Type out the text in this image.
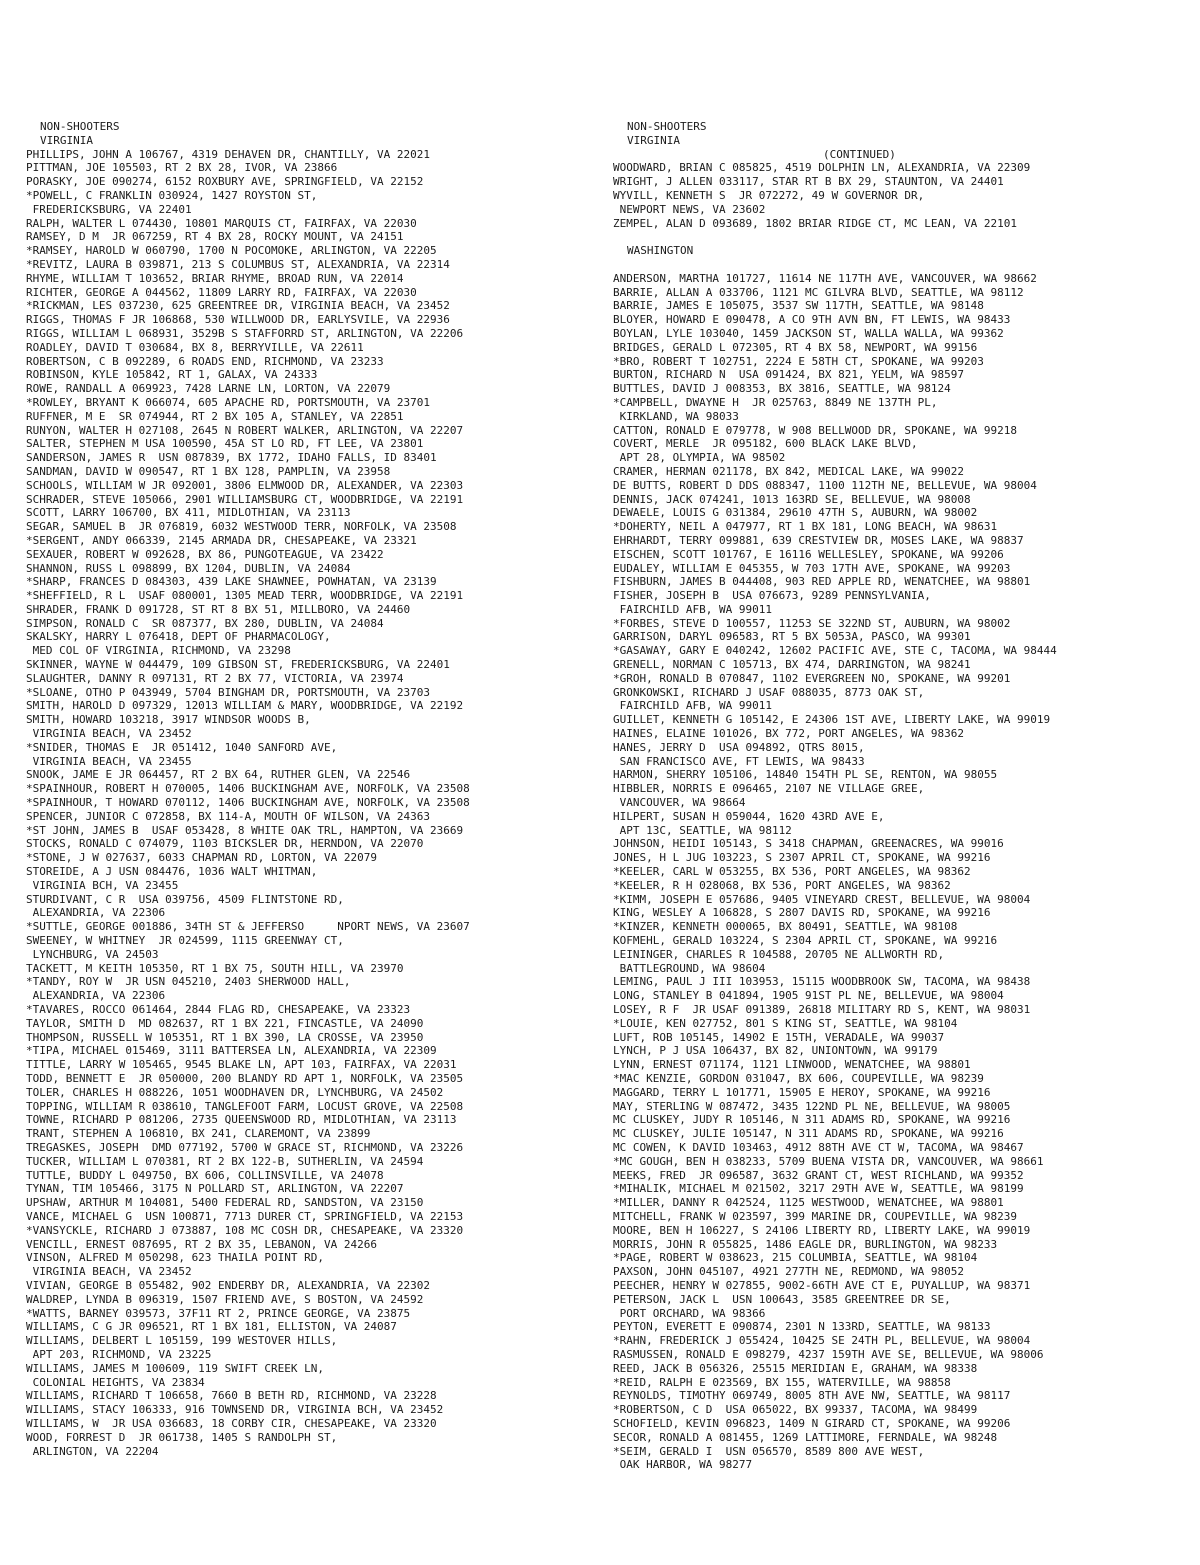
NON-SHOOTERS
VIRGINIA
PHILLIPS, JOHN A 106767, 4319 DEHAVEN DR, CHANTILLY, VA 22021
PITTMAN, JOE 105503, RT 2 BX 28, IVOR, VA 23866
PORASKY, JOE 090274, 6152 ROXBURY AVE, SPRINGFIELD, VA 22152
*POWELL, C FRANKLIN 030924, 1427 ROYSTON ST,
FREDERICKSBURG, VA 22401
RALPH, WALTER L 074430, 10801 MARQUIS CT, FAIRFAX, VA 22030
RAMSEY, D M  JR 067259, RT 4 BX 28, ROCKY MOUNT, VA 24151
*RAMSEY, HAROLD W 060790, 1700 N POCOMOKE, ARLINGTON, VA 22205
*REVITZ, LAURA B 039871, 213 S COLUMBUS ST, ALEXANDRIA, VA 22314
RHYME, WILLIAM T 103652, BRIAR RHYME, BROAD RUN, VA 22014
RICHTER, GEORGE A 044562, 11809 LARRY RD, FAIRFAX, VA 22030
*RICKMAN, LES 037230, 625 GREENTREE DR, VIRGINIA BEACH, VA 23452
RIGGS, THOMAS F JR 106868, 530 WILLWOOD DR, EARLYSVILE, VA 22936
RIGGS, WILLIAM L 068931, 3529B S STAFFORRD ST, ARLINGTON, VA 22206
ROADLEY, DAVID T 030684, BX 8, BERRYVILLE, VA 22611
ROBERTSON, C B 092289, 6 ROADS END, RICHMOND, VA 23233
ROBINSON, KYLE 105842, RT 1, GALAX, VA 24333
ROWE, RANDALL A 069923, 7428 LARNE LN, LORTON, VA 22079
*ROWLEY, BRYANT K 066074, 605 APACHE RD, PORTSMOUTH, VA 23701
RUFFNER, M E  SR 074944, RT 2 BX 105 A, STANLEY, VA 22851
RUNYON, WALTER H 027108, 2645 N ROBERT WALKER, ARLINGTON, VA 22207
SALTER, STEPHEN M USA 100590, 45A ST LO RD, FT LEE, VA 23801
SANDERSON, JAMES R  USN 087839, BX 1772, IDAHO FALLS, ID 83401
SANDMAN, DAVID W 090547, RT 1 BX 128, PAMPLIN, VA 23958
SCHOOLS, WILLIAM W JR 092001, 3806 ELMWOOD DR, ALEXANDER, VA 22303
SCHRADER, STEVE 105066, 2901 WILLIAMSBURG CT, WOODBRIDGE, VA 22191
SCOTT, LARRY 106700, BX 411, MIDLOTHIAN, VA 23113
SEGAR, SAMUEL B  JR 076819, 6032 WESTWOOD TERR, NORFOLK, VA 23508
*SERGENT, ANDY 066339, 2145 ARMADA DR, CHESAPEAKE, VA 23321
SEXAUER, ROBERT W 092628, BX 86, PUNGOTEAGUE, VA 23422
SHANNON, RUSS L 098899, BX 1204, DUBLIN, VA 24084
*SHARP, FRANCES D 084303, 439 LAKE SHAWNEE, POWHATAN, VA 23139
*SHEFFIELD, R L  USAF 080001, 1305 MEAD TERR, WOODBRIDGE, VA 22191
SHRADER, FRANK D 091728, ST RT 8 BX 51, MILLBORO, VA 24460
SIMPSON, RONALD C  SR 087377, BX 280, DUBLIN, VA 24084
SKALSKY, HARRY L 076418, DEPT OF PHARMACOLOGY,
MED COL OF VIRGINIA, RICHMOND, VA 23298
SKINNER, WAYNE W 044479, 109 GIBSON ST, FREDERICKSBURG, VA 22401
SLAUGHTER, DANNY R 097131, RT 2 BX 77, VICTORIA, VA 23974
*SLOANE, OTHO P 043949, 5704 BINGHAM DR, PORTSMOUTH, VA 23703
SMITH, HAROLD D 097329, 12013 WILLIAM & MARY, WOODBRIDGE, VA 22192
SMITH, HOWARD 103218, 3917 WINDSOR WOODS B,
VIRGINIA BEACH, VA 23452
*SNIDER, THOMAS E  JR 051412, 1040 SANFORD AVE,
VIRGINIA BEACH, VA 23455
SNOOK, JAME E JR 064457, RT 2 BX 64, RUTHER GLEN, VA 22546
*SPAINHOUR, ROBERT H 070005, 1406 BUCKINGHAM AVE, NORFOLK, VA 23508
*SPAINHOUR, T HOWARD 070112, 1406 BUCKINGHAM AVE, NORFOLK, VA 23508
SPENCER, JUNIOR C 072858, BX 114-A, MOUTH OF WILSON, VA 24363
*ST JOHN, JAMES B  USAF 053428, 8 WHITE OAK TRL, HAMPTON, VA 23669
STOCKS, RONALD C 074079, 1103 BICKSLER DR, HERNDON, VA 22070
*STONE, J W 027637, 6033 CHAPMAN RD, LORTON, VA 22079
STOREIDE, A J USN 084476, 1036 WALT WHITMAN,
VIRGINIA BCH, VA 23455
STURDIVANT, C R  USA 039756, 4509 FLINTSTONE RD,
ALEXANDRIA, VA 22306
*SUTTLE, GEORGE 001886, 34TH ST & JEFFERSO     NPORT NEWS, VA 23607
SWEENEY, W WHITNEY  JR 024599, 1115 GREENWAY CT,
LYNCHBURG, VA 24503
TACKETT, M KEITH 105350, RT 1 BX 75, SOUTH HILL, VA 23970
*TANDY, ROY W  JR USN 045210, 2403 SHERWOOD HALL,
ALEXANDRIA, VA 22306
*TAVARES, ROCCO 061464, 2844 FLAG RD, CHESAPEAKE, VA 23323
TAYLOR, SMITH D  MD 082637, RT 1 BX 221, FINCASTLE, VA 24090
THOMPSON, RUSSELL W 105351, RT 1 BX 390, LA CROSSE, VA 23950
*TIPA, MICHAEL 015469, 3111 BATTERSEA LN, ALEXANDRIA, VA 22309
TITTLE, LARRY W 105465, 9545 BLAKE LN, APT 103, FAIRFAX, VA 22031
TODD, BENNETT E  JR 050000, 200 BLANDY RD APT 1, NORFOLK, VA 23505
TOLER, CHARLES H 088226, 1051 WOODHAVEN DR, LYNCHBURG, VA 24502
TOPPING, WILLIAM R 038610, TANGLEFOOT FARM, LOCUST GROVE, VA 22508
TOWNE, RICHARD P 081206, 2735 QUEENSWOOD RD, MIDLOTHIAN, VA 23113
TRANT, STEPHEN A 106810, BX 241, CLAREMONT, VA 23899
TREGASKES, JOSEPH  DMD 077192, 5700 W GRACE ST, RICHMOND, VA 23226
TUCKER, WILLIAM L 070381, RT 2 BX 122-B, SUTHERLIN, VA 24594
TUTTLE, BUDDY L 049750, BX 606, COLLINSVILLE, VA 24078
TYNAN, TIM 105466, 3175 N POLLARD ST, ARLINGTON, VA 22207
UPSHAW, ARTHUR M 104081, 5400 FEDERAL RD, SANDSTON, VA 23150
VANCE, MICHAEL G  USN 100871, 7713 DURER CT, SPRINGFIELD, VA 22153
*VANSYCKLE, RICHARD J 073887, 108 MC COSH DR, CHESAPEAKE, VA 23320
VENCILL, ERNEST 087695, RT 2 BX 35, LEBANON, VA 24266
VINSON, ALFRED M 050298, 623 THAILA POINT RD,
VIRGINIA BEACH, VA 23452
VIVIAN, GEORGE B 055482, 902 ENDERBY DR, ALEXANDRIA, VA 22302
WALDREP, LYNDA B 096319, 1507 FRIEND AVE, S BOSTON, VA 24592
*WATTS, BARNEY 039573, 37F11 RT 2, PRINCE GEORGE, VA 23875
WILLIAMS, C G JR 096521, RT 1 BX 181, ELLISTON, VA 24087
WILLIAMS, DELBERT L 105159, 199 WESTOVER HILLS,
APT 203, RICHMOND, VA 23225
WILLIAMS, JAMES M 100609, 119 SWIFT CREEK LN,
COLONIAL HEIGHTS, VA 23834
WILLIAMS, RICHARD T 106658, 7660 B BETH RD, RICHMOND, VA 23228
WILLIAMS, STACY 106333, 916 TOWNSEND DR, VIRGINIA BCH, VA 23452
WILLIAMS, W  JR USA 036683, 18 CORBY CIR, CHESAPEAKE, VA 23320
WOOD, FORREST D  JR 061738, 1405 S RANDOLPH ST,
ARLINGTON, VA 22204
NON-SHOOTERS
VIRGINIA
(CONTINUED)
WOODWARD, BRIAN C 085825, 4519 DOLPHIN LN, ALEXANDRIA, VA 22309
WRIGHT, J ALLEN 033117, STAR RT B BX 29, STAUNTON, VA 24401
WYVILL, KENNETH S  JR 072272, 49 W GOVERNOR DR,
NEWPORT NEWS, VA 23602
ZEMPEL, ALAN D 093689, 1802 BRIAR RIDGE CT, MC LEAN, VA 22101
WASHINGTON
ANDERSON, MARTHA 101727, 11614 NE 117TH AVE, VANCOUVER, WA 98662
BARRIE, ALLAN A 033706, 1121 MC GILVRA BLVD, SEATTLE, WA 98112
BARRIE, JAMES E 105075, 3537 SW 117TH, SEATTLE, WA 98148
BLOYER, HOWARD E 090478, A CO 9TH AVN BN, FT LEWIS, WA 98433
BOYLAN, LYLE 103040, 1459 JACKSON ST, WALLA WALLA, WA 99362
BRIDGES, GERALD L 072305, RT 4 BX 58, NEWPORT, WA 99156
*BRO, ROBERT T 102751, 2224 E 58TH CT, SPOKANE, WA 99203
BURTON, RICHARD N  USA 091424, BX 821, YELM, WA 98597
BUTTLES, DAVID J 008353, BX 3816, SEATTLE, WA 98124
*CAMPBELL, DWAYNE H  JR 025763, 8849 NE 137TH PL,
KIRKLAND, WA 98033
CATTON, RONALD E 079778, W 908 BELLWOOD DR, SPOKANE, WA 99218
COVERT, MERLE  JR 095182, 600 BLACK LAKE BLVD,
APT 28, OLYMPIA, WA 98502
CRAMER, HERMAN 021178, BX 842, MEDICAL LAKE, WA 99022
DE BUTTS, ROBERT D DDS 088347, 1100 112TH NE, BELLEVUE, WA 98004
DENNIS, JACK 074241, 1013 163RD SE, BELLEVUE, WA 98008
DEWAELE, LOUIS G 031384, 29610 47TH S, AUBURN, WA 98002
*DOHERTY, NEIL A 047977, RT 1 BX 181, LONG BEACH, WA 98631
EHRHARDT, TERRY 099881, 639 CRESTVIEW DR, MOSES LAKE, WA 98837
EISCHEN, SCOTT 101767, E 16116 WELLESLEY, SPOKANE, WA 99206
EUDALEY, WILLIAM E 045355, W 703 17TH AVE, SPOKANE, WA 99203
FISHBURN, JAMES B 044408, 903 RED APPLE RD, WENATCHEE, WA 98801
FISHER, JOSEPH B  USA 076673, 9289 PENNSYLVANIA,
FAIRCHILD AFB, WA 99011
*FORBES, STEVE D 100557, 11253 SE 322ND ST, AUBURN, WA 98002
GARRISON, DARYL 096583, RT 5 BX 5053A, PASCO, WA 99301
*GASAWAY, GARY E 040242, 12602 PACIFIC AVE, STE C, TACOMA, WA 98444
GRENELL, NORMAN C 105713, BX 474, DARRINGTON, WA 98241
*GROH, RONALD B 070847, 1102 EVERGREEN NO, SPOKANE, WA 99201
GRONKOWSKI, RICHARD J USAF 088035, 8773 OAK ST,
FAIRCHILD AFB, WA 99011
GUILLET, KENNETH G 105142, E 24306 1ST AVE, LIBERTY LAKE, WA 99019
HAINES, ELAINE 101026, BX 772, PORT ANGELES, WA 98362
HANES, JERRY D  USA 094892, QTRS 8015,
SAN FRANCISCO AVE, FT LEWIS, WA 98433
HARMON, SHERRY 105106, 14840 154TH PL SE, RENTON, WA 98055
HIBBLER, NORRIS E 096465, 2107 NE VILLAGE GREE,
VANCOUVER, WA 98664
HILPERT, SUSAN H 059044, 1620 43RD AVE E,
APT 13C, SEATTLE, WA 98112
JOHNSON, HEIDI 105143, S 3418 CHAPMAN, GREENACRES, WA 99016
JONES, H L JUG 103223, S 2307 APRIL CT, SPOKANE, WA 99216
*KEELER, CARL W 053255, BX 536, PORT ANGELES, WA 98362
*KEELER, R H 028068, BX 536, PORT ANGELES, WA 98362
*KIMM, JOSEPH E 057686, 9405 VINEYARD CREST, BELLEVUE, WA 98004
KING, WESLEY A 106828, S 2807 DAVIS RD, SPOKANE, WA 99216
*KINZER, KENNETH 000065, BX 80491, SEATTLE, WA 98108
KOFMEHL, GERALD 103224, S 2304 APRIL CT, SPOKANE, WA 99216
LEININGER, CHARLES R 104588, 20705 NE ALLWORTH RD,
BATTLEGROUND, WA 98604
LEMING, PAUL J III 103953, 15115 WOODBROOK SW, TACOMA, WA 98438
LONG, STANLEY B 041894, 1905 91ST PL NE, BELLEVUE, WA 98004
LOSEY, R F  JR USAF 091389, 26818 MILITARY RD S, KENT, WA 98031
*LOUIE, KEN 027752, 801 S KING ST, SEATTLE, WA 98104
LUFT, ROB 105145, 14902 E 15TH, VERADALE, WA 99037
LYNCH, P J USA 106437, BX 82, UNIONTOWN, WA 99179
LYNN, ERNEST 071174, 1121 LINWOOD, WENATCHEE, WA 98801
*MAC KENZIE, GORDON 031047, BX 606, COUPEVILLE, WA 98239
MAGGARD, TERRY L 101771, 15905 E HEROY, SPOKANE, WA 99216
MAY, STERLING W 087472, 3435 122ND PL NE, BELLEVUE, WA 98005
MC CLUSKEY, JUDY R 105146, N 311 ADAMS RD, SPOKANE, WA 99216
MC CLUSKEY, JULIE 105147, N 311 ADAMS RD, SPOKANE, WA 99216
MC COWEN, K DAVID 103463, 4912 88TH AVE CT W, TACOMA, WA 98467
*MC GOUGH, BEN H 038233, 5709 BUENA VISTA DR, VANCOUVER, WA 98661
MEEKS, FRED  JR 096587, 3632 GRANT CT, WEST RICHLAND, WA 99352
*MIHALIK, MICHAEL M 021502, 3217 29TH AVE W, SEATTLE, WA 98199
*MILLER, DANNY R 042524, 1125 WESTWOOD, WENATCHEE, WA 98801
MITCHELL, FRANK W 023597, 399 MARINE DR, COUPEVILLE, WA 98239
MOORE, BEN H 106227, S 24106 LIBERTY RD, LIBERTY LAKE, WA 99019
MORRIS, JOHN R 055825, 1486 EAGLE DR, BURLINGTON, WA 98233
*PAGE, ROBERT W 038623, 215 COLUMBIA, SEATTLE, WA 98104
PAXSON, JOHN 045107, 4921 277TH NE, REDMOND, WA 98052
PEECHER, HENRY W 027855, 9002-66TH AVE CT E, PUYALLUP, WA 98371
PETERSON, JACK L  USN 100643, 3585 GREENTREE DR SE,
PORT ORCHARD, WA 98366
PEYTON, EVERETT E 090874, 2301 N 133RD, SEATTLE, WA 98133
*RAHN, FREDERICK J 055424, 10425 SE 24TH PL, BELLEVUE, WA 98004
RASMUSSEN, RONALD E 098279, 4237 159TH AVE SE, BELLEVUE, WA 98006
REED, JACK B 056326, 25515 MERIDIAN E, GRAHAM, WA 98338
*REID, RALPH E 023569, BX 155, WATERVILLE, WA 98858
REYNOLDS, TIMOTHY 069749, 8005 8TH AVE NW, SEATTLE, WA 98117
*ROBERTSON, C D  USA 065022, BX 99337, TACOMA, WA 98499
SCHOFIELD, KEVIN 096823, 1409 N GIRARD CT, SPOKANE, WA 99206
SECOR, RONALD A 081455, 1269 LATTIMORE, FERNDALE, WA 98248
*SEIM, GERALD I  USN 056570, 8589 800 AVE WEST,
OAK HARBOR, WA 98277
